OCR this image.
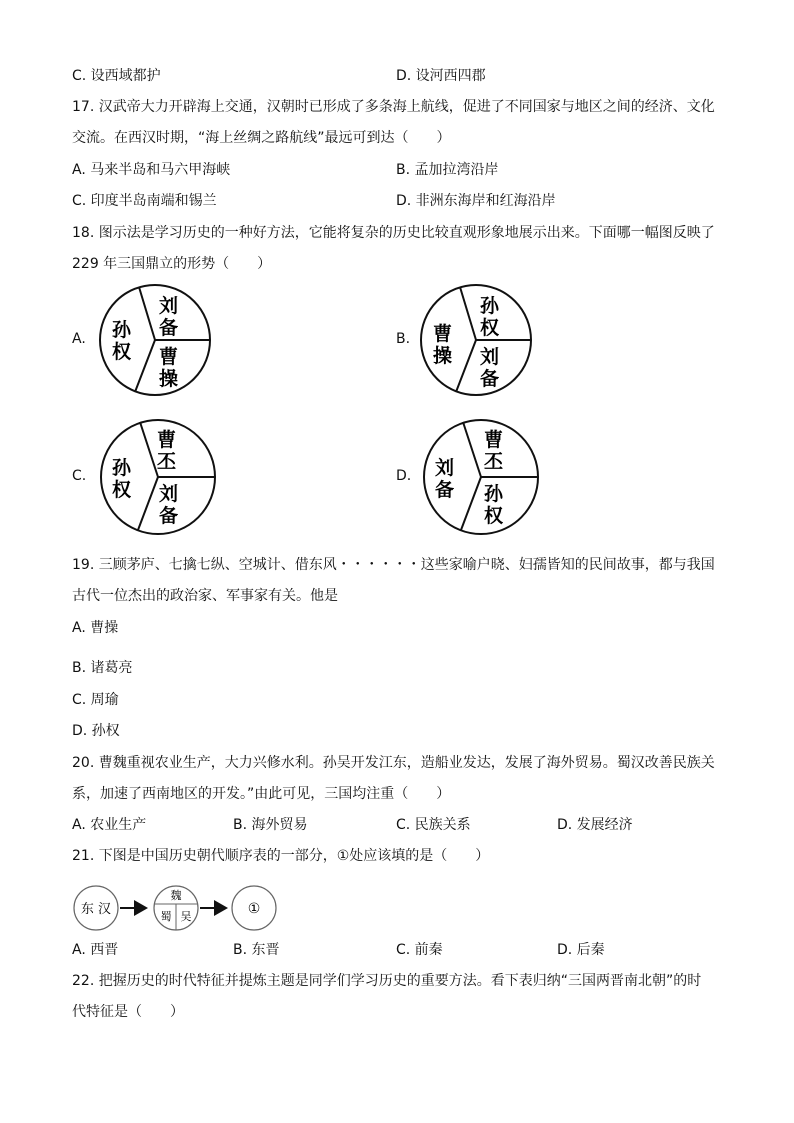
C. 设西域都护	D. 设河西四郡
17. 汉武帝大力开辟海上交通，汉朝时已形成了多条海上航线，促进了不同国家与地区之间的经济、文化
交流。在西汉时期，“海上丝绸之路航线”最远可到达（　　）
A. 马来半岛和马六甲海峡	B. 孟加拉湾沿岸
C. 印度半岛南端和锡兰	D. 非洲东海岸和红海沿岸
18. 图示法是学习历史的一种好方法，它能将复杂的历史比较直观形象地展示出来。下面哪一幅图反映了
229 年三国鼎立的形势（　　）
A. 孙
权
刘
备
曹
操
B. 曹
操
孙
权
刘
备
C. 孙
权
曹
丕
刘
备
D. 刘
备
曹
丕
孙
权
19. 三顾茅庐、七擒七纵、空城计、借东风・・・・・・这些家喻户晓、妇孺皆知的民间故事，都与我国
古代一位杰出的政治家、军事家有关。他是
A. 曹操
B. 诸葛亮
C. 周瑜
D. 孙权
20. 曹魏重视农业生产，大力兴修水利。孙吴开发江东，造船业发达，发展了海外贸易。蜀汉改善民族关
系，加速了西南地区的开发。”由此可见，三国均注重（　　）
A. 农业生产	B. 海外贸易	C. 民族关系	D. 发展经济
21. 下图是中国历史朝代顺序表的一部分，①处应该填的是（　　）
东 汉
魏
蜀 吴	①
A. 西晋	B. 东晋	C. 前秦	D. 后秦
22. 把握历史的时代特征并提炼主题是同学们学习历史的重要方法。看下表归纳“三国两晋南北朝”的时
代特征是（　　）
